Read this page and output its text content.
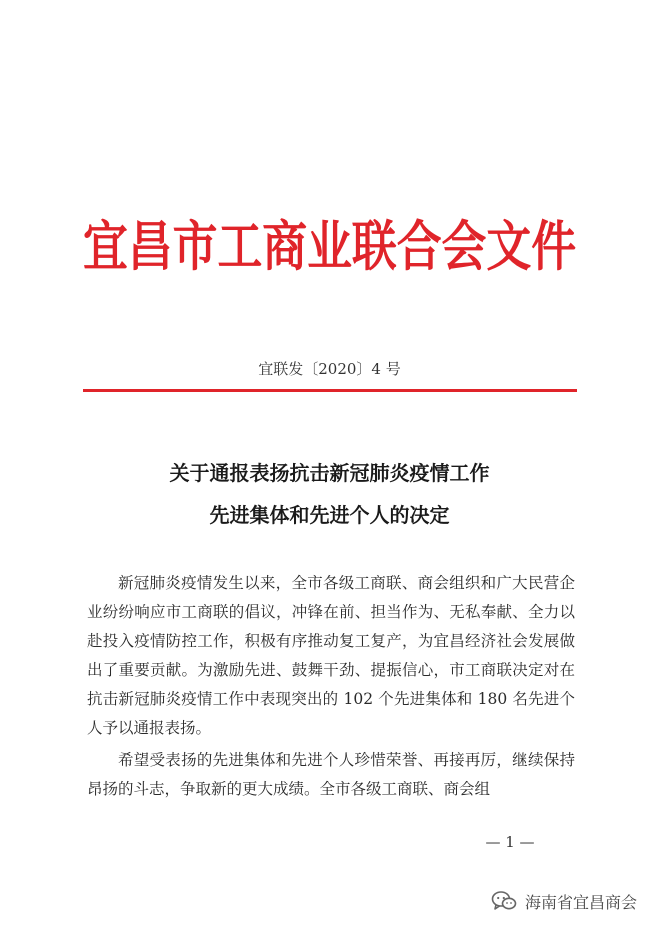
宜昌市工商业联合会文件
宜联发〔2020〕4 号
关于通报表扬抗击新冠肺炎疫情工作
先进集体和先进个人的决定

新冠肺炎疫情发生以来，全市各级工商联、商会组织和广大民营企业纷纷响应市工商联的倡议，冲锋在前、担当作为、无私奉献、全力以赴投入疫情防控工作，积极有序推动复工复产，为宜昌经济社会发展做出了重要贡献。为激励先进、鼓舞干劲、提振信心，市工商联决定对在抗击新冠肺炎疫情工作中表现突出的 102 个先进集体和 180 名先进个人予以通报表扬。

希望受表扬的先进集体和先进个人珍惜荣誉、再接再厉，继续保持昂扬的斗志，争取新的更大成绩。全市各级工商联、商会组

— 1 —
海南省宜昌商会
